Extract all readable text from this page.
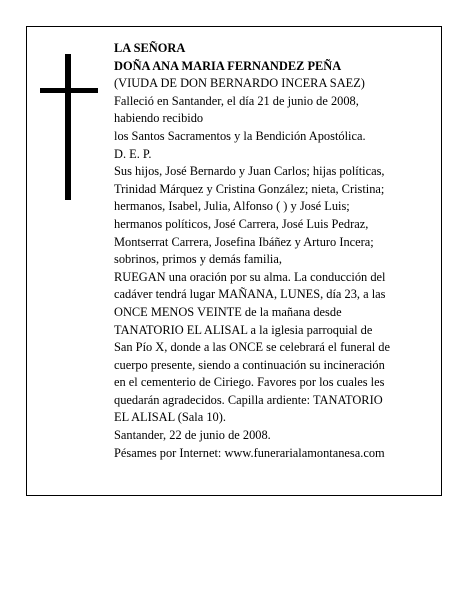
LA SEÑORA
DOÑA ANA MARIA FERNANDEZ PEÑA
(VIUDA DE DON BERNARDO INCERA SAEZ)
Falleció en Santander, el día 21 de junio de 2008,
habiendo recibido
los Santos Sacramentos y la Bendición Apostólica.
D. E. P.
Sus hijos, José Bernardo y Juan Carlos; hijas políticas,
Trinidad Márquez y Cristina González; nieta, Cristina;
hermanos, Isabel, Julia, Alfonso ( ) y José Luis;
hermanos políticos, José Carrera, José Luis Pedraz,
Montserrat Carrera, Josefina Ibáñez y Arturo Incera;
sobrinos, primos y demás familia,
RUEGAN una oración por su alma. La conducción del
cadáver tendrá lugar MAÑANA, LUNES, día 23, a las
ONCE MENOS VEINTE de la mañana desde
TANATORIO EL ALISAL a la iglesia parroquial de
San Pío X, donde a las ONCE se celebrará el funeral de
cuerpo presente, siendo a continuación su incineración
en el cementerio de Ciriego. Favores por los cuales les
quedarán agradecidos. Capilla ardiente: TANATORIO
EL ALISAL (Sala 10).
Santander, 22 de junio de 2008.
Pésames por Internet: www.funerarialamontanesa.com
